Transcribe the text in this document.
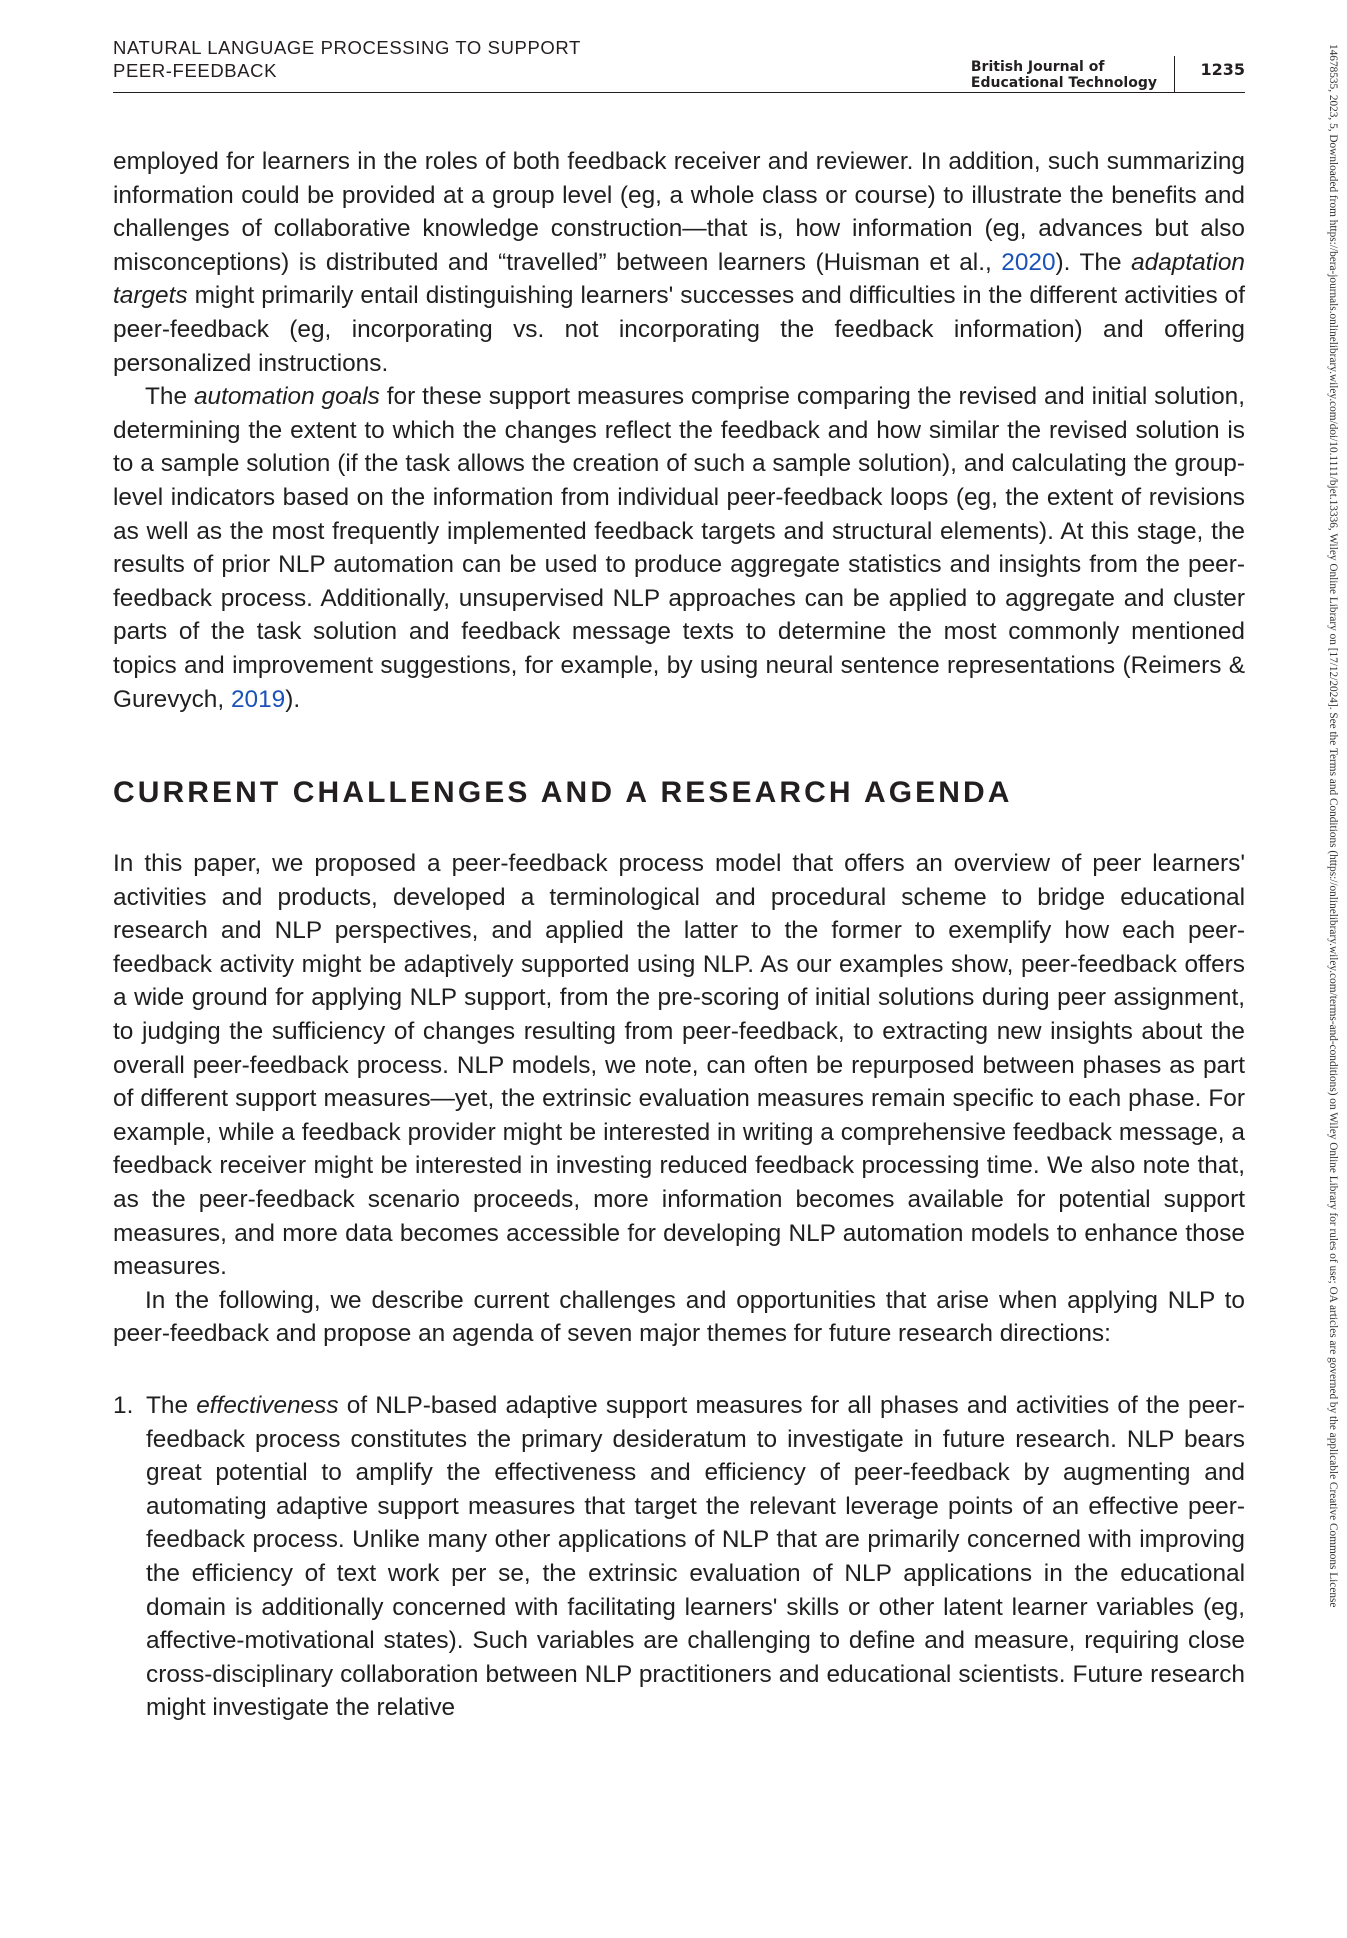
NATURAL LANGUAGE PROCESSING TO SUPPORT
PEER-FEEDBACK	British Journal of
Educational Technology
1235	14678535, 2023, 5, Downloaded from https://bera-journals.onlinelibrary.wiley.com/doi/10.1111/bjet.13336, Wiley Online Library on [17/12/2024]. See the Terms and Conditions (https://onlinelibrary.wiley.com/terms-and-conditions) on Wiley Online Library for rules of use; OA articles are governed by the applicable Creative Commons License

employed for learners in the roles of both feedback receiver and reviewer. In addition, such summarizing information could be provided at a group level (eg, a whole class or course) to illustrate the benefits and challenges of collaborative knowledge construction—that is, how information (eg, advances but also misconceptions) is distributed and “travelled” between learners (Huisman et al., 2020). The adaptation targets might primarily entail distinguishing learners' successes and difficulties in the different activities of peer-feedback (eg, incorporating vs. not incorporating the feedback information) and offering personalized instructions.

The automation goals for these support measures comprise comparing the revised and initial solution, determining the extent to which the changes reflect the feedback and how similar the revised solution is to a sample solution (if the task allows the creation of such a sample solution), and calculating the group-level indicators based on the information from individual peer-feedback loops (eg, the extent of revisions as well as the most frequently implemented feedback targets and structural elements). At this stage, the results of prior NLP automation can be used to produce aggregate statistics and insights from the peer-feedback process. Additionally, unsupervised NLP approaches can be applied to aggregate and cluster parts of the task solution and feedback message texts to determine the most commonly mentioned topics and improvement suggestions, for example, by using neural sentence representations (Reimers & Gurevych, 2019).

CURRENT CHALLENGES AND A RESEARCH AGENDA

In this paper, we proposed a peer-feedback process model that offers an overview of peer learners' activities and products, developed a terminological and procedural scheme to bridge educational research and NLP perspectives, and applied the latter to the former to exemplify how each peer-feedback activity might be adaptively supported using NLP. As our examples show, peer-feedback offers a wide ground for applying NLP support, from the pre-scoring of initial solutions during peer assignment, to judging the sufficiency of changes resulting from peer-feedback, to extracting new insights about the overall peer-feedback process. NLP models, we note, can often be repurposed between phases as part of different support measures—yet, the extrinsic evaluation measures remain specific to each phase. For example, while a feedback provider might be interested in writing a comprehensive feedback message, a feedback receiver might be interested in investing reduced feedback processing time. We also note that, as the peer-feedback scenario proceeds, more information becomes available for potential support measures, and more data becomes accessible for developing NLP automation models to enhance those measures.

In the following, we describe current challenges and opportunities that arise when applying NLP to peer-feedback and propose an agenda of seven major themes for future research directions:

1. The effectiveness of NLP-based adaptive support measures for all phases and activities of the peer-feedback process constitutes the primary desideratum to investigate in future research. NLP bears great potential to amplify the effectiveness and efficiency of peer-feedback by augmenting and automating adaptive support measures that target the relevant leverage points of an effective peer-feedback process. Unlike many other applications of NLP that are primarily concerned with improving the efficiency of text work per se, the extrinsic evaluation of NLP applications in the educational domain is additionally concerned with facilitating learners' skills or other latent learner variables (eg, affective-motivational states). Such variables are challenging to define and measure, requiring close cross-disciplinary collaboration between NLP practitioners and educational scientists. Future research might investigate the relative
